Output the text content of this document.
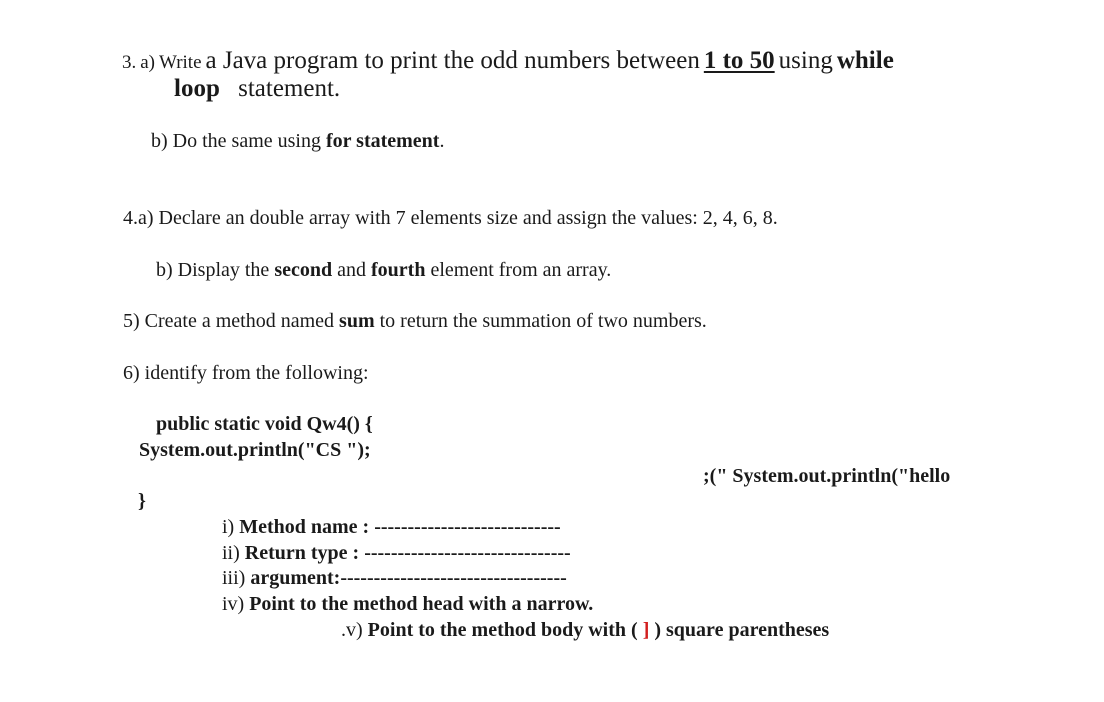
3. a) Write a Java program to print the odd numbers between 1 to 50 using while
loop statement.
b) Do the same using for statement.
4.a) Declare an double array with 7 elements size and assign the values: 2, 4, 6, 8.
b) Display the second and fourth element from an array.
5) Create a method named sum to return the summation of two numbers.
6) identify from the following:
public static void Qw4() {
System.out.println("CS ");
;(" System.out.println("hello
}
i) Method name : ----------------------------
ii) Return type : -------------------------------
iii) argument:----------------------------------
iv) Point to the method head with a narrow.
.v) Point to the method body with ( ] ) square parentheses
